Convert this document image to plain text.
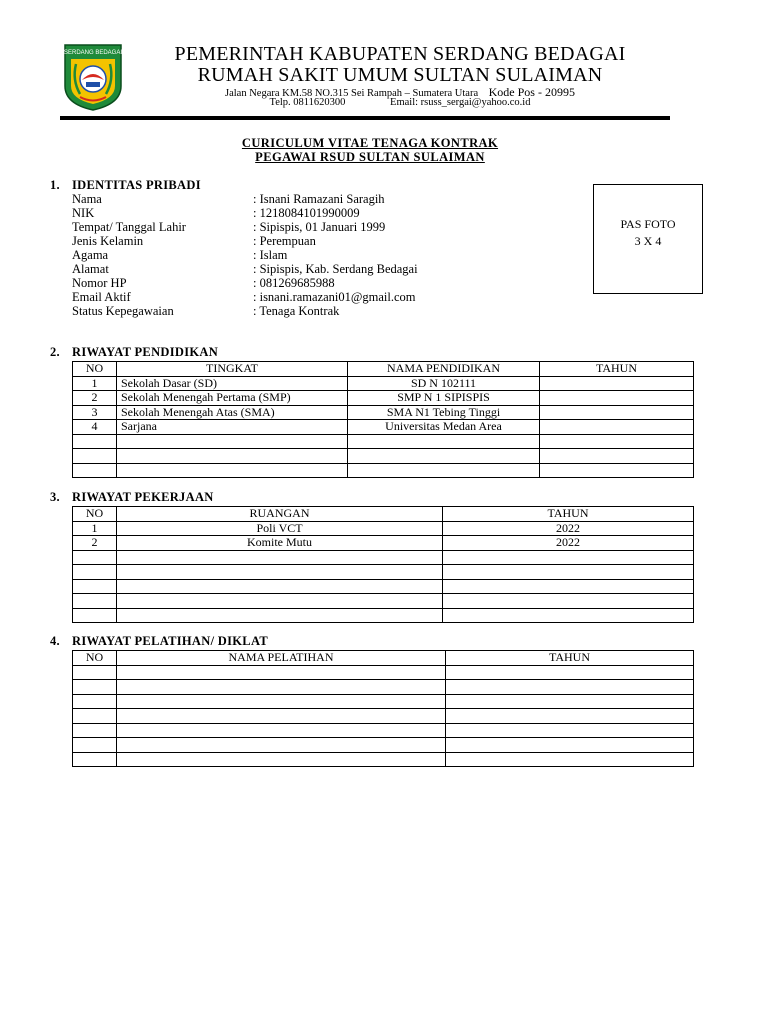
SERDANG BEDAGAI	PEMERINTAH KABUPATEN SERDANG BEDAGAI
RUMAH SAKIT UMUM SULTAN SULAIMAN
Jalan Negara KM.58 NO.315 Sei Rampah – Sumatera Utara Kode Pos - 20995
Telp. 0811620300	Email: rsuss_sergai@yahoo.co.id
CURICULUM VITAE TENAGA KONTRAK
PEGAWAI RSUD SULTAN SULAIMAN
1. IDENTITAS PRIBADI
Nama	: Isnani Ramazani Saragih
NIK	: 1218084101990009
Tempat/ Tanggal Lahir	: Sipispis, 01 Januari 1999
Jenis Kelamin	: Perempuan
Agama	: Islam
Alamat	: Sipispis, Kab. Serdang Bedagai
Nomor HP	: 081269685988
Email Aktif	: isnani.ramazani01@gmail.com
Status Kepegawaian	: Tenaga Kontrak
PAS FOTO
3 X 4
2. RIWAYAT PENDIDIKAN
NO	TINGKAT	NAMA PENDIDIKAN	TAHUN
1	Sekolah Dasar (SD)	SD N 102111	
2	Sekolah Menengah Pertama (SMP)	SMP N 1 SIPISPIS	
3	Sekolah Menengah Atas (SMA)	SMA N1 Tebing Tinggi	
4	Sarjana	Universitas Medan Area	

3. RIWAYAT PEKERJAAN
NO	RUANGAN	TAHUN
1	Poli VCT	2022
2	Komite Mutu	2022

4. RIWAYAT PELATIHAN/ DIKLAT
NO	NAMA PELATIHAN	TAHUN
